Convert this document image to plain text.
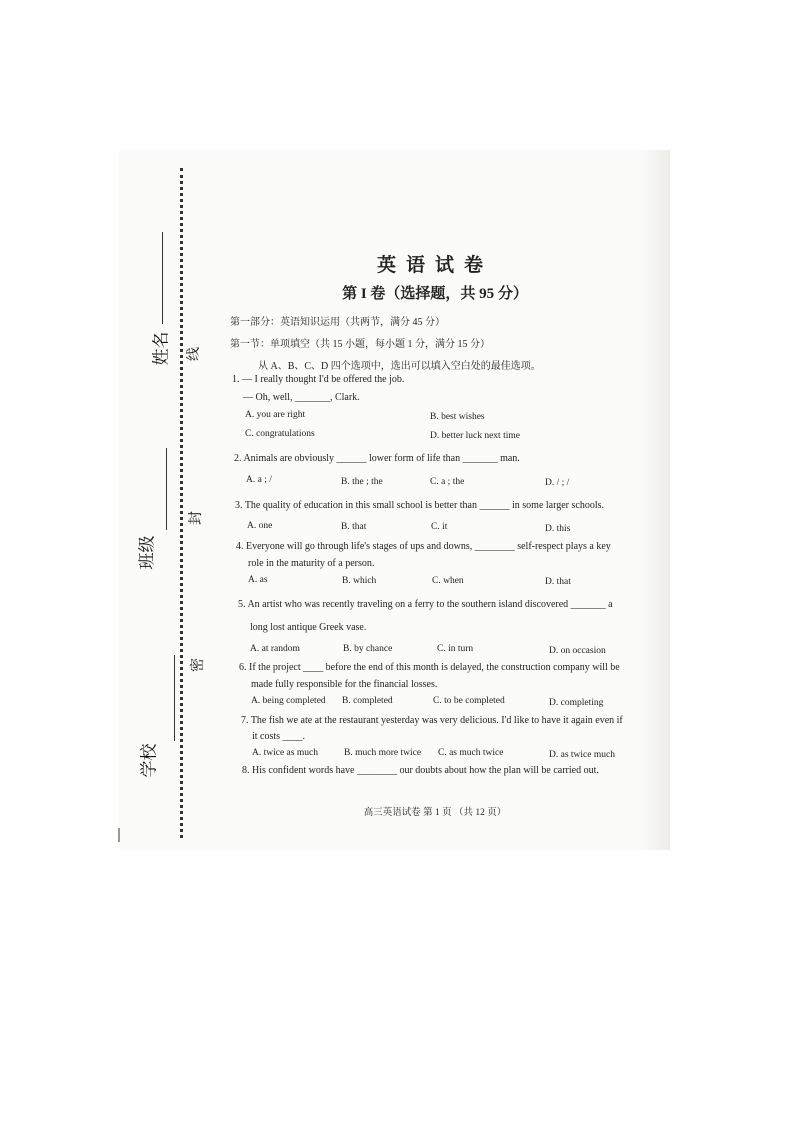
姓名
班级
学校
线
封
密
英语试卷
第 I 卷（选择题，共 95 分）
第一部分：英语知识运用（共两节，满分 45 分）
第一节：单项填空（共 15 小题，每小题 1 分，满分 15 分）
从 A、B、C、D 四个选项中，选出可以填入空白处的最佳选项。
1. — I really thought I'd be offered the job.
— Oh, well, _______, Clark.
A. you are right	B. best wishes
C. congratulations	D. better luck next time
2. Animals are obviously ______ lower form of life than _______ man.
A. a ; /	B. the ; the	C. a ; the	D. / ; /
3. The quality of education in this small school is better than ______ in some larger schools.
A. one	B. that	C. it	D. this
4. Everyone will go through life's stages of ups and downs, ________ self-respect plays a key
role in the maturity of a person.
A. as	B. which	C. when	D. that
5. An artist who was recently traveling on a ferry to the southern island discovered _______ a
long lost antique Greek vase.
A. at random	B. by chance	C. in turn	D. on occasion
6. If the project ____ before the end of this month is delayed, the construction company will be
made fully responsible for the financial losses.
A. being completed B. completed	C. to be completed	D. completing
7. The fish we ate at the restaurant yesterday was very delicious. I'd like to have it again even if
it costs ____.
A. twice as much	B. much more twice C. as much twice	D. as twice much
8. His confident words have ________ our doubts about how the plan will be carried out.
高三英语试卷 第 1 页 （共 12 页）
